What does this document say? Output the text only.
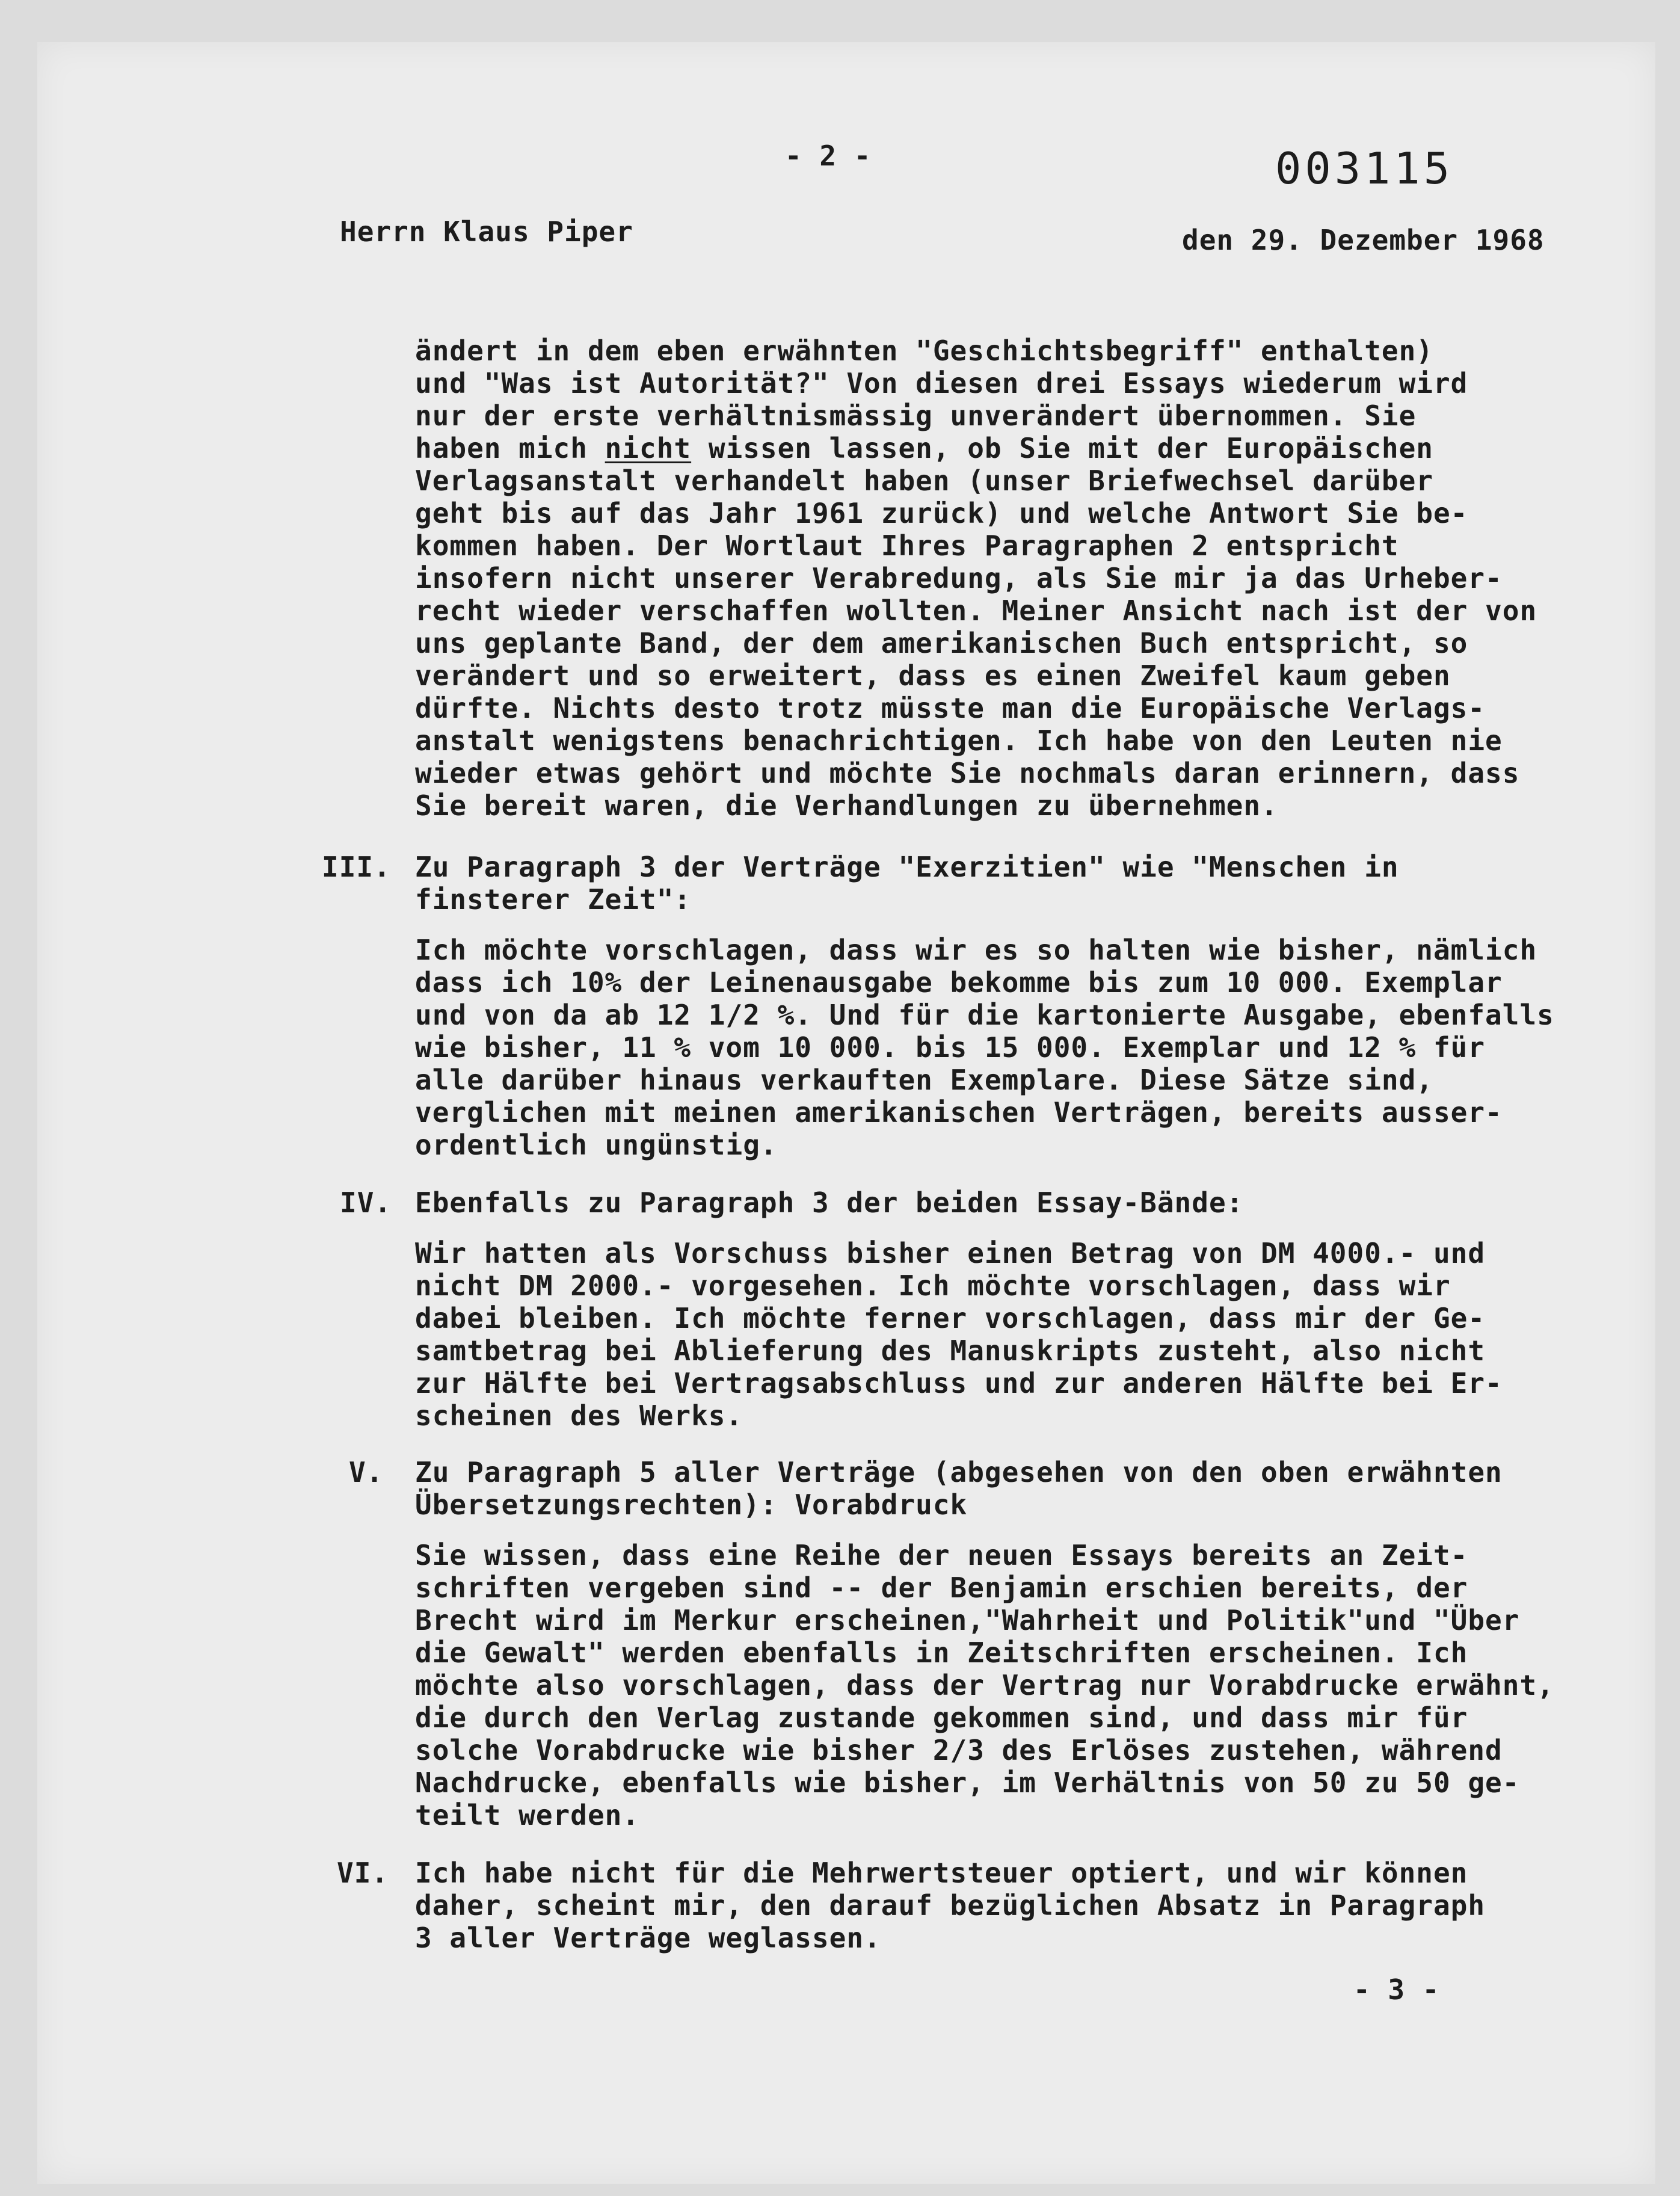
- 2 -	003115
Herrn Klaus Piper	den 29. Dezember 1968
ändert in dem eben erwähnten "Geschichtsbegriff" enthalten)
und "Was ist Autorität?" Von diesen drei Essays wiederum wird
nur der erste verhältnismässig unverändert übernommen. Sie
haben mich nicht wissen lassen, ob Sie mit der Europäischen
Verlagsanstalt verhandelt haben (unser Briefwechsel darüber
geht bis auf das Jahr 1961 zurück) und welche Antwort Sie be-
kommen haben. Der Wortlaut Ihres Paragraphen 2 entspricht
insofern nicht unserer Verabredung, als Sie mir ja das Urheber-
recht wieder verschaffen wollten. Meiner Ansicht nach ist der von
uns geplante Band, der dem amerikanischen Buch entspricht, so
verändert und so erweitert, dass es einen Zweifel kaum geben
dürfte. Nichts desto trotz müsste man die Europäische Verlags-
anstalt wenigstens benachrichtigen. Ich habe von den Leuten nie
wieder etwas gehört und möchte Sie nochmals daran erinnern, dass
Sie bereit waren, die Verhandlungen zu übernehmen.
III. Zu Paragraph 3 der Verträge "Exerzitien" wie "Menschen in
finsterer Zeit":
Ich möchte vorschlagen, dass wir es so halten wie bisher, nämlich
dass ich 10% der Leinenausgabe bekomme bis zum 10 000. Exemplar
und von da ab 12 1/2 %. Und für die kartonierte Ausgabe, ebenfalls
wie bisher, 11 % vom 10 000. bis 15 000. Exemplar und 12 % für
alle darüber hinaus verkauften Exemplare. Diese Sätze sind,
verglichen mit meinen amerikanischen Verträgen, bereits ausser-
ordentlich ungünstig.
IV. Ebenfalls zu Paragraph 3 der beiden Essay-Bände:
Wir hatten als Vorschuss bisher einen Betrag von DM 4000.- und
nicht DM 2000.- vorgesehen. Ich möchte vorschlagen, dass wir
dabei bleiben. Ich möchte ferner vorschlagen, dass mir der Ge-
samtbetrag bei Ablieferung des Manuskripts zusteht, also nicht
zur Hälfte bei Vertragsabschluss und zur anderen Hälfte bei Er-
scheinen des Werks.
V. Zu Paragraph 5 aller Verträge (abgesehen von den oben erwähnten
Übersetzungsrechten): Vorabdruck
Sie wissen, dass eine Reihe der neuen Essays bereits an Zeit-
schriften vergeben sind -- der Benjamin erschien bereits, der
Brecht wird im Merkur erscheinen,"Wahrheit und Politik"und "Über
die Gewalt" werden ebenfalls in Zeitschriften erscheinen. Ich
möchte also vorschlagen, dass der Vertrag nur Vorabdrucke erwähnt,
die durch den Verlag zustande gekommen sind, und dass mir für
solche Vorabdrucke wie bisher 2/3 des Erlöses zustehen, während
Nachdrucke, ebenfalls wie bisher, im Verhältnis von 50 zu 50 ge-
teilt werden.
VI. Ich habe nicht für die Mehrwertsteuer optiert, und wir können
daher, scheint mir, den darauf bezüglichen Absatz in Paragraph
3 aller Verträge weglassen.
- 3 -
